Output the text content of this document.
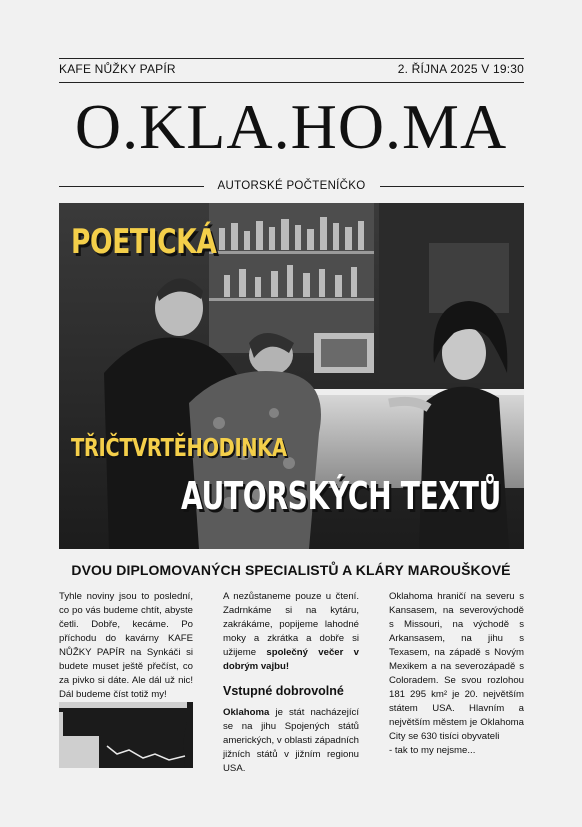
KAFE NŮŽKY PAPÍR	2. ŘÍJNA 2025 V 19:30
O.KLA.HO.MA
AUTORSKÉ POČTENÍČKO
POETICKÁ
TŘIČTVRTĚHODINKA
AUTORSKÝCH TEXTŮ
DVOU DIPLOMOVANÝCH SPECIALISTŮ A KLÁRY MAROUŠKOVÉ

Tyhle noviny jsou to poslední, co po vás budeme chtít, abyste četli. Dobře, kecáme. Po příchodu do kavárny KAFE NŮŽKY PAPÍR na Synkáči si budete muset ještě přečíst, co za pivko si dáte. Ale dál už nic! Dál budeme číst totiž my!

A nezůstaneme pouze u čtení. Zadrnkáme si na kytáru, zakrákáme, popijeme lahodné moky a zkrátka a dobře si užijeme společný večer v dobrým vajbu!

Vstupné dobrovolné

Oklahoma je stát nacházející se na jihu Spojených států amerických, v oblasti západních jižních států v jižním regionu USA.

Oklahoma hraničí na severu s Kansasem, na severovýchodě s Missouri, na východě s Arkansasem, na jihu s Texasem, na západě s Novým Mexikem a na severozápadě s Coloradem. Se svou rozlohou 181 295 km² je 20. největším státem USA. Hlavním a největším městem je Oklahoma City se 630 tisíci obyvateli

- tak to my nejsme...
